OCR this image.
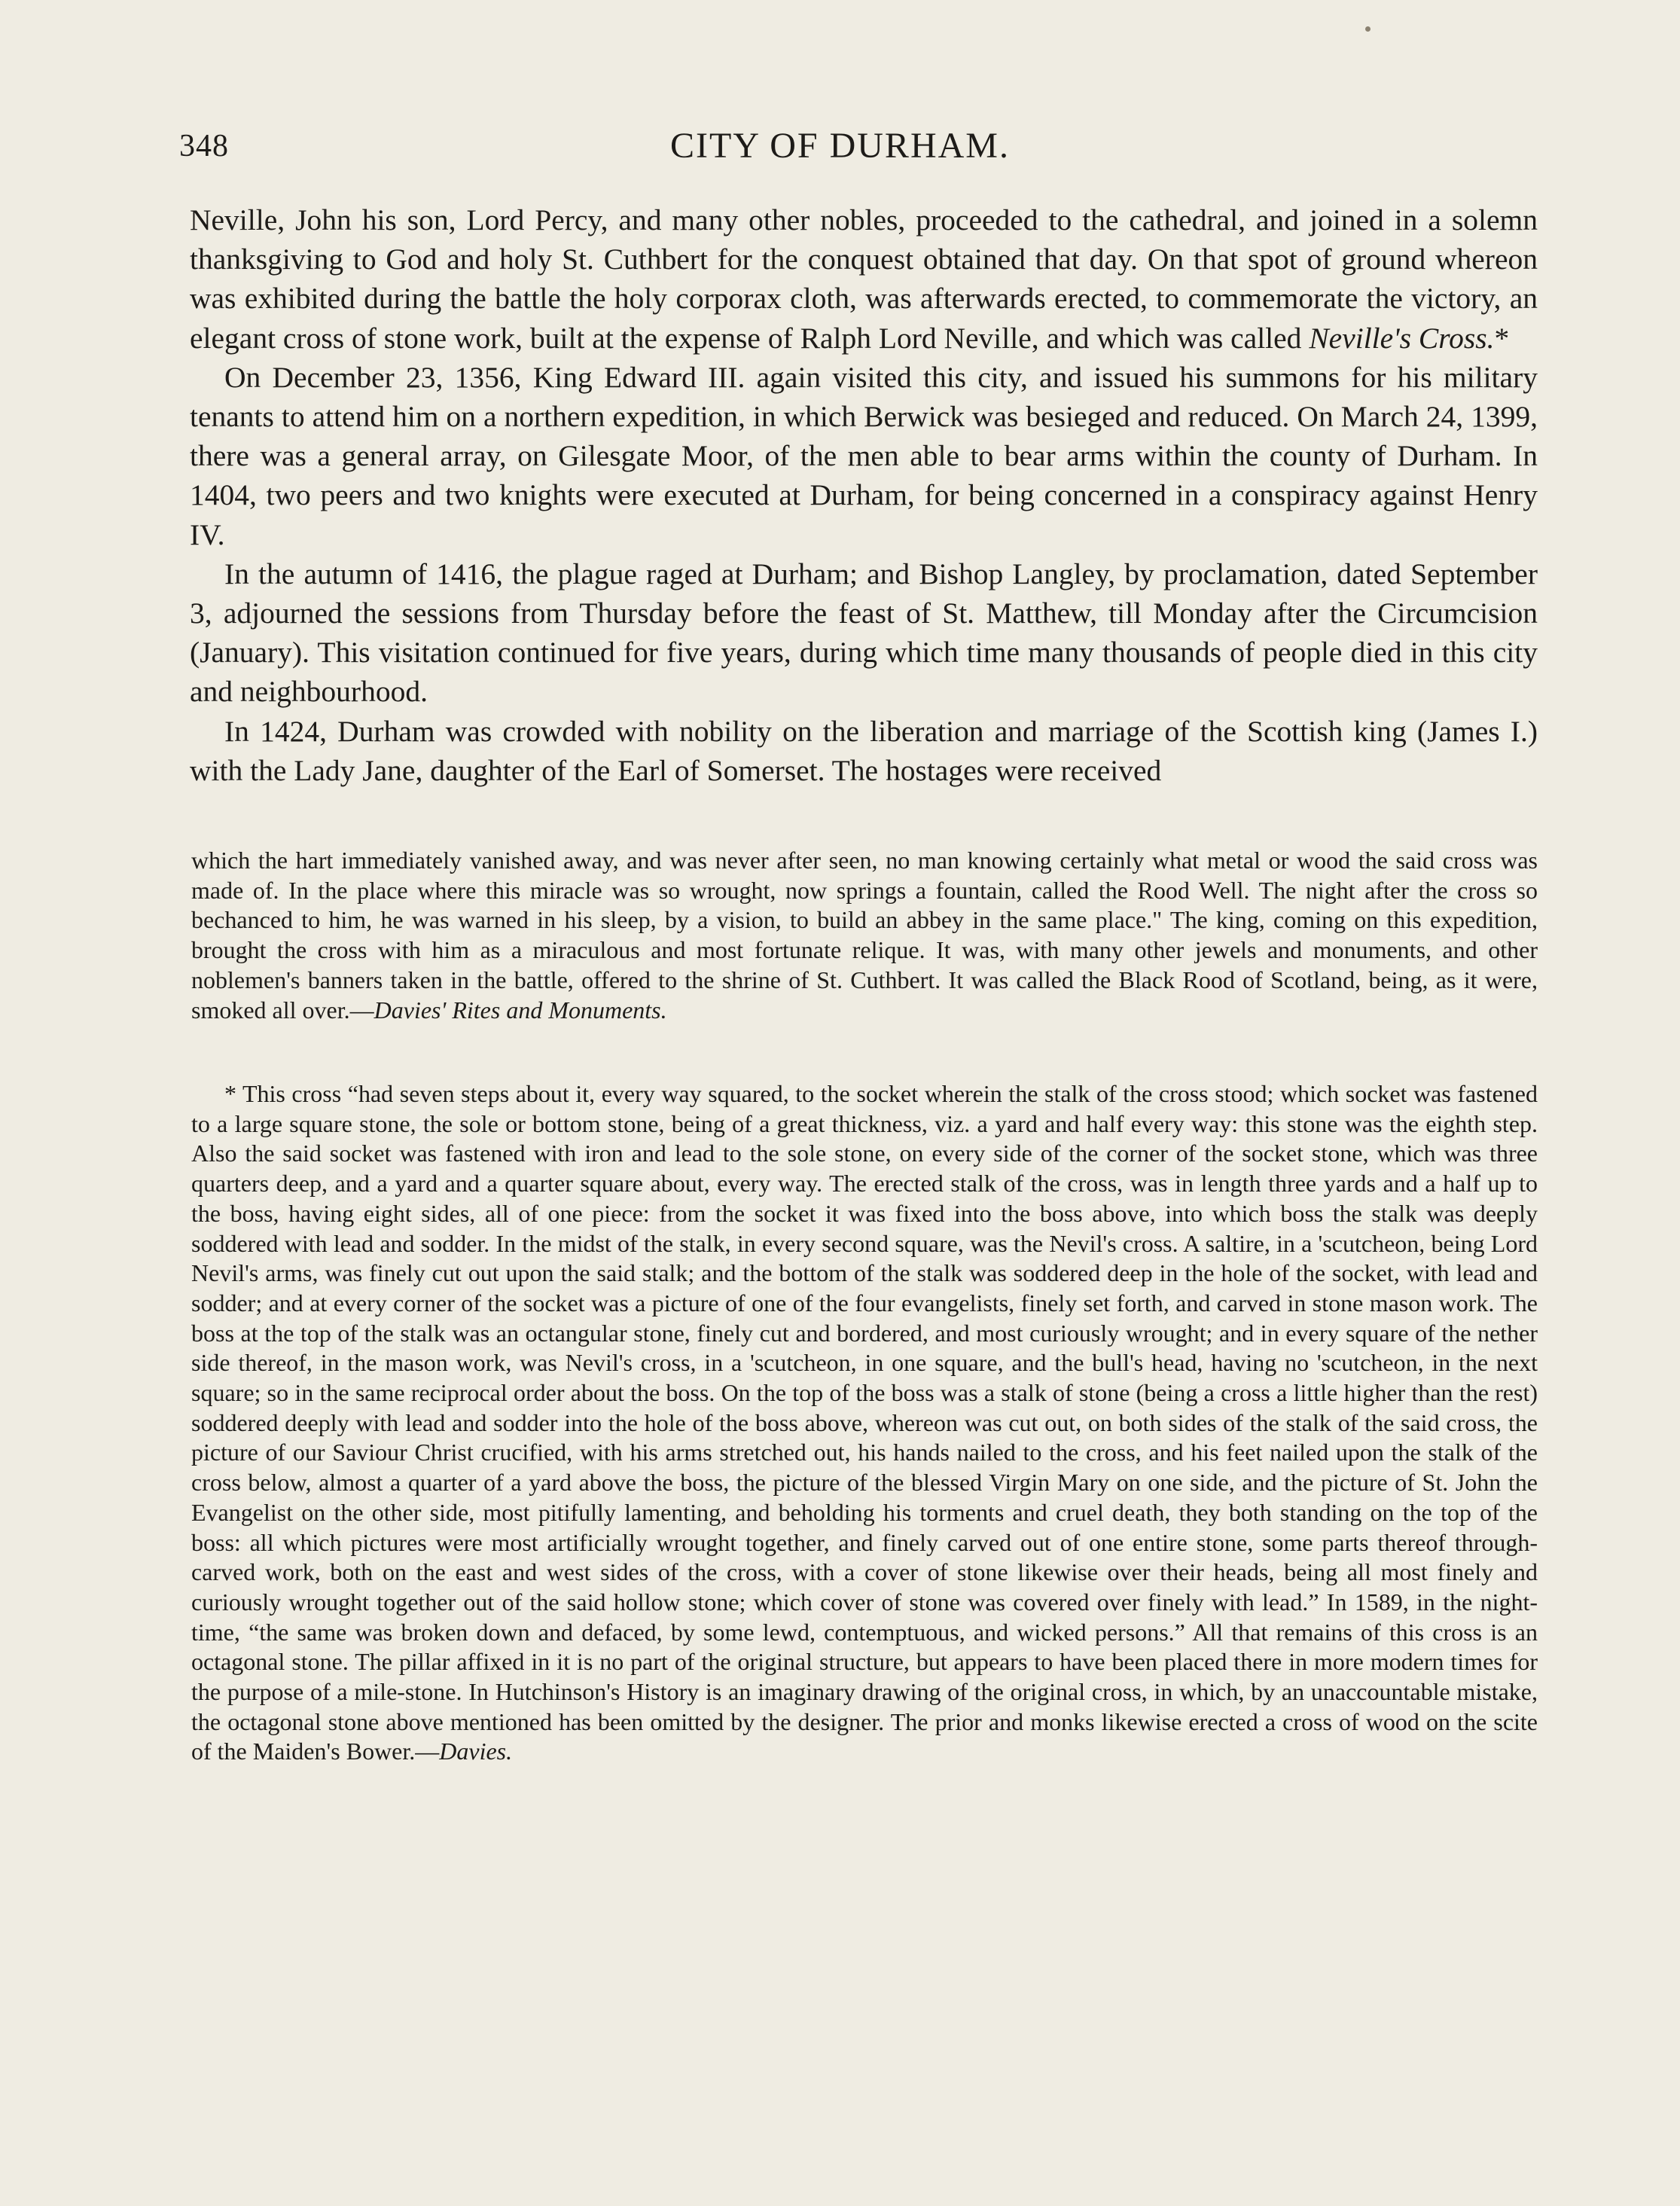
348	CITY OF DURHAM.

Neville, John his son, Lord Percy, and many other nobles, proceeded to the cathedral, and joined in a solemn thanksgiving to God and holy St. Cuthbert for the conquest obtained that day. On that spot of ground whereon was exhibited during the battle the holy corporax cloth, was afterwards erected, to commemorate the victory, an elegant cross of stone work, built at the expense of Ralph Lord Neville, and which was called Neville's Cross.*

On December 23, 1356, King Edward III. again visited this city, and issued his summons for his military tenants to attend him on a northern expedition, in which Berwick was besieged and reduced. On March 24, 1399, there was a general array, on Gilesgate Moor, of the men able to bear arms within the county of Durham. In 1404, two peers and two knights were executed at Durham, for being concerned in a conspiracy against Henry IV.

In the autumn of 1416, the plague raged at Durham; and Bishop Langley, by proclamation, dated September 3, adjourned the sessions from Thursday before the feast of St. Matthew, till Monday after the Circumcision (January). This visitation continued for five years, during which time many thousands of people died in this city and neighbourhood.

In 1424, Durham was crowded with nobility on the liberation and marriage of the Scottish king (James I.) with the Lady Jane, daughter of the Earl of Somerset. The hostages were received

which the hart immediately vanished away, and was never after seen, no man knowing certainly what metal or wood the said cross was made of. In the place where this miracle was so wrought, now springs a fountain, called the Rood Well. The night after the cross so bechanced to him, he was warned in his sleep, by a vision, to build an abbey in the same place." The king, coming on this expedition, brought the cross with him as a miraculous and most fortunate relique. It was, with many other jewels and monuments, and other noblemen's banners taken in the battle, offered to the shrine of St. Cuthbert. It was called the Black Rood of Scotland, being, as it were, smoked all over.—Davies' Rites and Monuments.

* This cross “had seven steps about it, every way squared, to the socket wherein the stalk of the cross stood; which socket was fastened to a large square stone, the sole or bottom stone, being of a great thickness, viz. a yard and half every way: this stone was the eighth step. Also the said socket was fastened with iron and lead to the sole stone, on every side of the corner of the socket stone, which was three quarters deep, and a yard and a quarter square about, every way. The erected stalk of the cross, was in length three yards and a half up to the boss, having eight sides, all of one piece: from the socket it was fixed into the boss above, into which boss the stalk was deeply soddered with lead and sodder. In the midst of the stalk, in every second square, was the Nevil's cross. A saltire, in a 'scutcheon, being Lord Nevil's arms, was finely cut out upon the said stalk; and the bottom of the stalk was soddered deep in the hole of the socket, with lead and sodder; and at every corner of the socket was a picture of one of the four evangelists, finely set forth, and carved in stone mason work. The boss at the top of the stalk was an octangular stone, finely cut and bordered, and most curiously wrought; and in every square of the nether side thereof, in the mason work, was Nevil's cross, in a 'scutcheon, in one square, and the bull's head, having no 'scutcheon, in the next square; so in the same reciprocal order about the boss. On the top of the boss was a stalk of stone (being a cross a little higher than the rest) soddered deeply with lead and sodder into the hole of the boss above, whereon was cut out, on both sides of the stalk of the said cross, the picture of our Saviour Christ crucified, with his arms stretched out, his hands nailed to the cross, and his feet nailed upon the stalk of the cross below, almost a quarter of a yard above the boss, the picture of the blessed Virgin Mary on one side, and the picture of St. John the Evangelist on the other side, most pitifully lamenting, and beholding his torments and cruel death, they both standing on the top of the boss: all which pictures were most artificially wrought together, and finely carved out of one entire stone, some parts thereof through-carved work, both on the east and west sides of the cross, with a cover of stone likewise over their heads, being all most finely and curiously wrought together out of the said hollow stone; which cover of stone was covered over finely with lead.” In 1589, in the night-time, “the same was broken down and defaced, by some lewd, contemptuous, and wicked persons.” All that remains of this cross is an octagonal stone. The pillar affixed in it is no part of the original structure, but appears to have been placed there in more modern times for the purpose of a mile-stone. In Hutchinson's History is an imaginary drawing of the original cross, in which, by an unaccountable mistake, the octagonal stone above mentioned has been omitted by the designer. The prior and monks likewise erected a cross of wood on the scite of the Maiden's Bower.—Davies.
